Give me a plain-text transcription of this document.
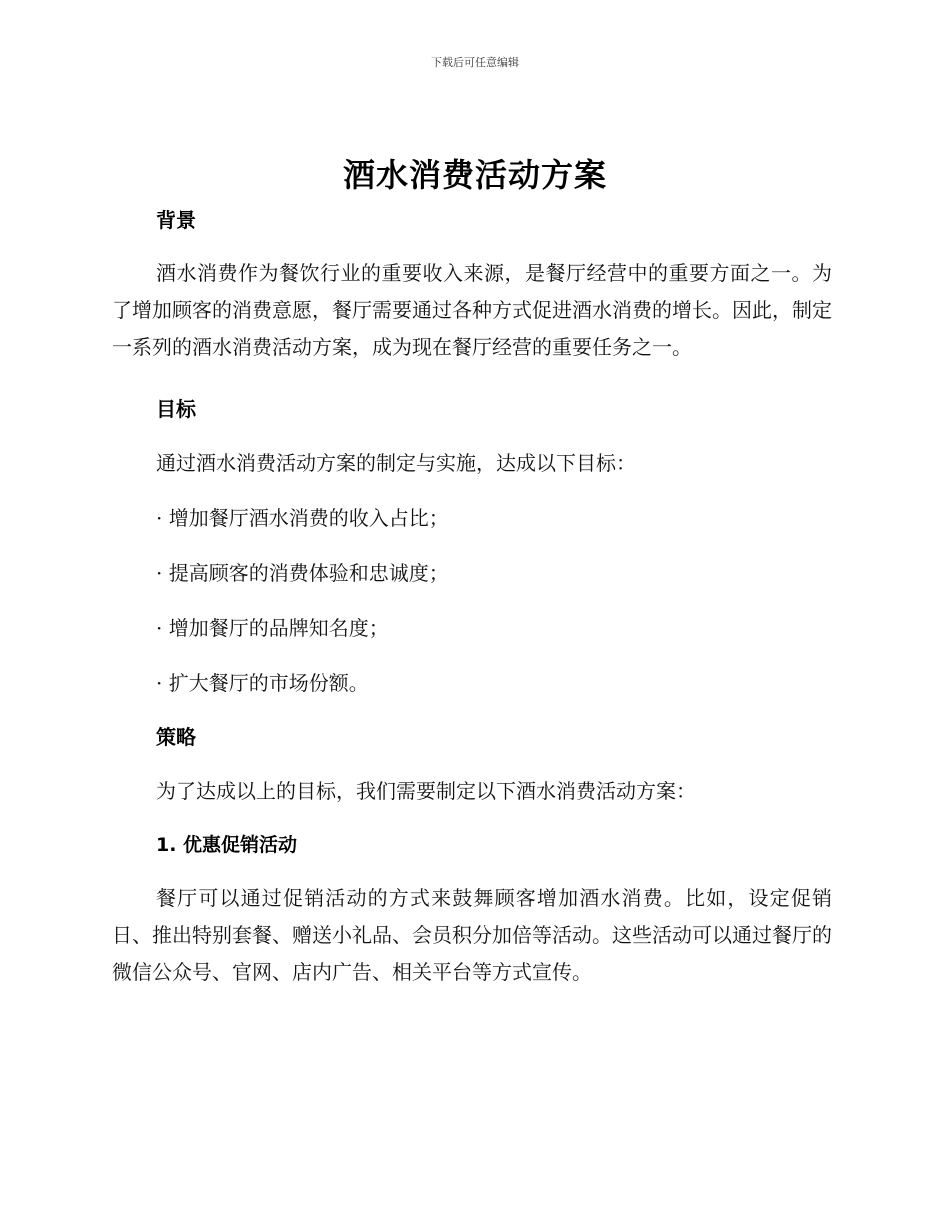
下载后可任意编辑
酒水消费活动方案
背景

酒水消费作为餐饮行业的重要收入来源，是餐厅经营中的重要方面之一。为了增加顾客的消费意愿，餐厅需要通过各种方式促进酒水消费的增长。因此，制定一系列的酒水消费活动方案，成为现在餐厅经营的重要任务之一。

目标
通过酒水消费活动方案的制定与实施，达成以下目标：
· 增加餐厅酒水消费的收入占比；
· 提高顾客的消费体验和忠诚度；
· 增加餐厅的品牌知名度；
· 扩大餐厅的市场份额。
策略
为了达成以上的目标，我们需要制定以下酒水消费活动方案：
1. 优惠促销活动

餐厅可以通过促销活动的方式来鼓舞顾客增加酒水消费。比如，设定促销日、推出特别套餐、赠送小礼品、会员积分加倍等活动。这些活动可以通过餐厅的微信公众号、官网、店内广告、相关平台等方式宣传。
